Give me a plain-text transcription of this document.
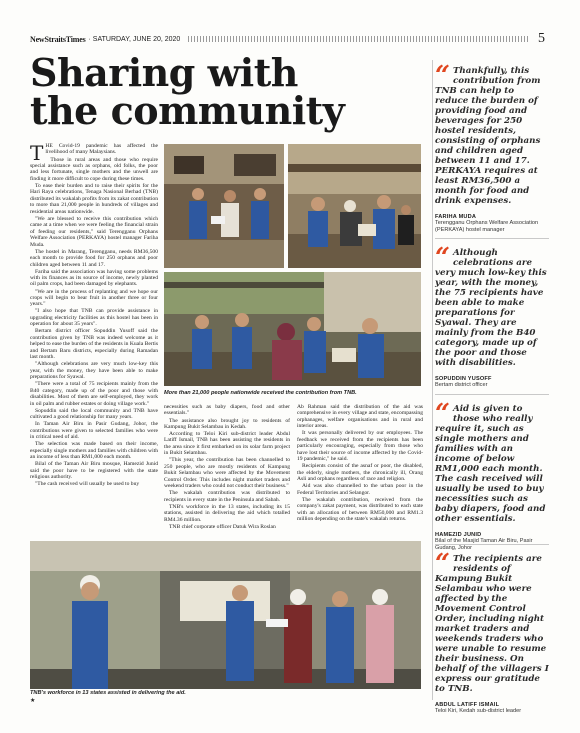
NewStraitsTimes · SATURDAY, JUNE 20, 2020	5
Sharing with
the community

THE Covid-19 pandemic has affected the livelihood of many Malaysians.

Those in rural areas and those who require special assistance such as orphans, old folks, the poor and less fortunate, single mothers and the unwell are finding it more difficult to cope during these times.

To ease their burden and to raise their spirits for the Hari Raya celebrations, Tenaga Nasional Berhad (TNB) distributed its wakalah profits from its zakat contribution to more than 21,000 people in hundreds of villages and residential areas nationwide.

"We are blessed to receive this contribution which came at a time when we were feeling the financial strain of feeding our residents," said Terengganu Orphans Welfare Association (PERKAYA) hostel manager Fariha Muda.

The hostel in Marang, Terengganu, needs RM36,500 each month to provide food for 250 orphans and poor children aged between 11 and 17.

Fariha said the association was having some problems with its finances as its source of income, newly planted oil palm crops, had been damaged by elephants.

"We are in the process of replanting and we hope our crops will begin to bear fruit in another three or four years."

"I also hope that TNB can provide assistance in upgrading electricity facilities as this hostel has been in operation for about 35 years".

Bertam district officer Sopuddin Yusoff said the contribution given by TNB was indeed welcome as it helped to ease the burden of the residents in Kuala Bertis and Bertam Baru districts, especially during Ramadan last month.

"Although celebrations are very much low-key this year, with the money, they have been able to make preparations for Syawal.

"There were a total of 75 recipients mainly from the B40 category, made up of the poor and those with disabilities. Most of them are self-employed, they work in oil palm and rubber estates or doing village work."

Sopuddin said the local community and TNB have cultivated a good relationship for many years.

In Taman Air Biru in Pasir Gudang, Johor, the contributions were given to selected families who were in critical need of aid.

The selection was made based on their income, especially single mothers and families with children with an income of less than RM1,000 each month.

Bilal of the Taman Air Biru mosque, Hamezid Junid said the poor have to be registered with the state religious authority.

"The cash received will usually be used to buy

More than 21,000 people nationwide received the contribution from TNB.

necessities such as baby diapers, food and other essentials."

The assistance also brought joy to residents of Kampung Bukit Selambau in Kedah.

According to Teloi Kiri sub-district leader Abdul Latiff Ismail, TNB has been assisting the residents in the area since it first embarked on its solar farm project in Bukit Selambau.

"This year, the contribution has been channelled to 250 people, who are mostly residents of Kampung Bukit Selambau who were affected by the Movement Control Order. This includes night market traders and weekend traders who could not conduct their business."

The wakalah contribution was distributed to recipients in every state in the Peninsula and Sabah.

TNB's workforce in the 13 states, including its 15 stations, assisted in delivering the aid which totalled RM4.36 million.

TNB chief corporate officer Datuk Wira Roslan

Ab Rahman said the distribution of the aid was comprehensive in every village and state, encompassing orphanages, welfare organisations and in rural and interior areas.

It was personally delivered by our employees. The feedback we received from the recipients has been particularly encouraging, especially from those who have lost their source of income affected by the Covid-19 pandemic," he said.

Recipients consist of the asnaf or poor, the disabled, the elderly, single mothers, the chronically ill, Orang Asli and orphans regardless of race and religion.

Aid was also channelled to the urban poor in the Federal Territories and Selangor.

The wakalah contribution, received from the company's zakat payment, was distributed to each state with an allocation of between RM50,000 and RM1.3 million depending on the state's wakalah returns.

TNB's workforce in 13 states assisted in delivering the aid.
★
“ Thankfully, this contribution from TNB can help to reduce the burden of providing food and beverages for 250 hostel residents, consisting of orphans and children aged between 11 and 17. PERKAYA requires at least RM36,500 a month for food and drink expenses.
FARIHA MUDA
Terengganu Orphans Welfare Association (PERKAYA) hostel manager
“ Although celebrations are very much low-key this year, with the money, the 75 recipients have been able to make preparations for Syawal. They are mainly from the B40 category, made up of the poor and those with disabilities.
SOPUDDIN YUSOFF
Bertam district officer
“ Aid is given to those who really require it, such as single mothers and families with an income of below RM1,000 each month. The cash received will usually be used to buy necessities such as baby diapers, food and other essentials.
HAMEZID JUNID
Bilal of the Masjid Taman Air Biru, Pasir Gudang, Johor
“ The recipients are residents of Kampung Bukit Selambau who were affected by the Movement Control Order, including night market traders and weekends traders who were unable to resume their business. On behalf of the villagers I express our gratitude to TNB.
ABDUL LATIFF ISMAIL
Teloi Kiri, Kedah sub-district leader
